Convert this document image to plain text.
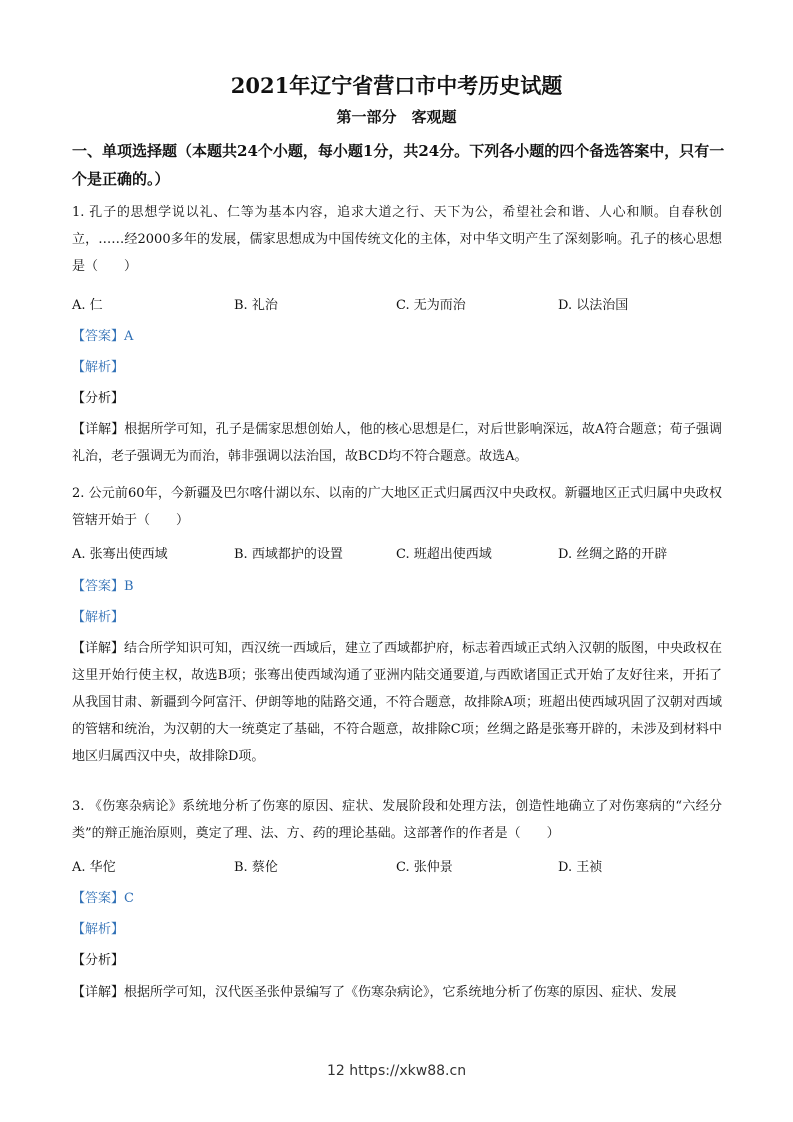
2021年辽宁省营口市中考历史试题
第一部分　客观题
一、单项选择题（本题共24个小题，每小题1分，共24分。下列各小题的四个备选答案中，只有一个是正确的。）
1. 孔子的思想学说以礼、仁等为基本内容，追求大道之行、天下为公，希望社会和谐、人心和顺。自春秋创立，……经2000多年的发展，儒家思想成为中国传统文化的主体，对中华文明产生了深刻影响。孔子的核心思想是（　　）
A. 仁	B. 礼治	C. 无为而治	D. 以法治国
【答案】A
【解析】
【分析】
【详解】根据所学可知，孔子是儒家思想创始人，他的核心思想是仁，对后世影响深远，故A符合题意；荀子强调礼治，老子强调无为而治，韩非强调以法治国，故BCD均不符合题意。故选A。
2. 公元前60年，今新疆及巴尔喀什湖以东、以南的广大地区正式归属西汉中央政权。新疆地区正式归属中央政权管辖开始于（　　）
A. 张骞出使西域	B. 西域都护的设置	C. 班超出使西域	D. 丝绸之路的开辟
【答案】B
【解析】
【详解】结合所学知识可知，西汉统一西域后，建立了西域都护府，标志着西域正式纳入汉朝的版图，中央政权在这里开始行使主权，故选B项；张骞出使西域沟通了亚洲内陆交通要道,与西欧诸国正式开始了友好往来，开拓了从我国甘肃、新疆到今阿富汗、伊朗等地的陆路交通，不符合题意，故排除A项；班超出使西域巩固了汉朝对西域的管辖和统治，为汉朝的大一统奠定了基础，不符合题意，故排除C项；丝绸之路是张骞开辟的，未涉及到材料中地区归属西汉中央，故排除D项。
3. 《伤寒杂病论》系统地分析了伤寒的原因、症状、发展阶段和处理方法，创造性地确立了对伤寒病的“六经分类”的辩正施治原则，奠定了理、法、方、药的理论基础。这部著作的作者是（　　）
A. 华佗	B. 蔡伦	C. 张仲景	D. 王祯
【答案】C
【解析】
【分析】
【详解】根据所学可知，汉代医圣张仲景编写了《伤寒杂病论》，它系统地分析了伤寒的原因、症状、发展
12 https://xkw88.cn
